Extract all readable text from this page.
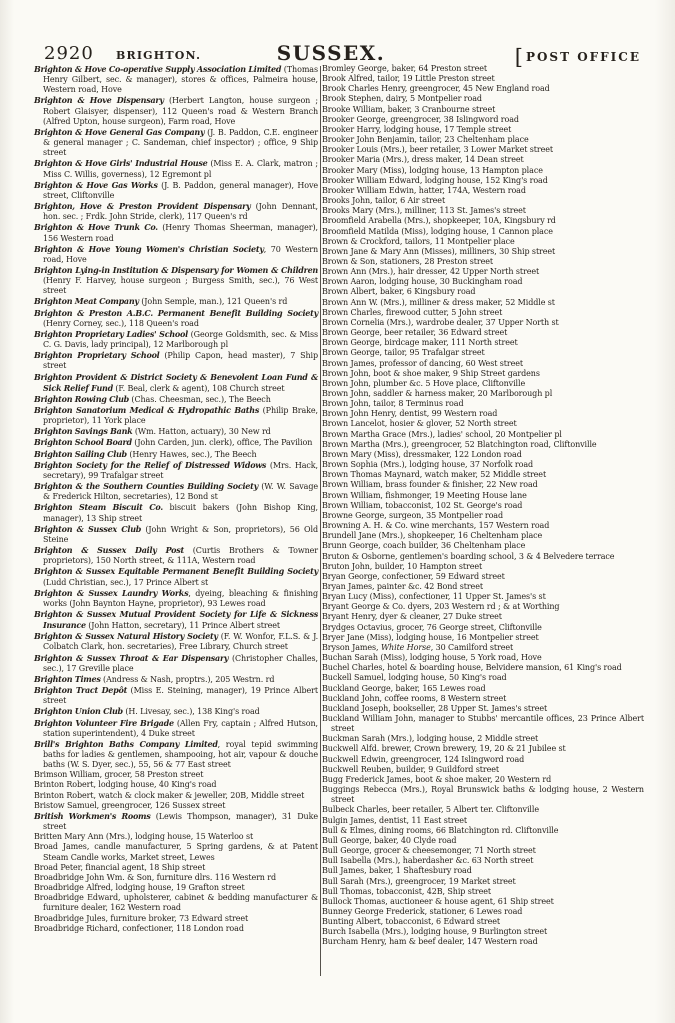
2920 BRIGHTON.	SUSSEX.	[ POST OFFICE

Brighton & Hove Co-operative Supply Association Limited (Thomas Henry Gilbert, sec. & manager), stores & offices, Palmeira house, Western road, Hove

Brighton & Hove Dispensary (Herbert Langton, house surgeon ; Robert Glaisyer, dispenser), 112 Queen's road & Western Branch (Alfred Upton, house surgeon), Farm road, Hove

Brighton & Hove General Gas Company (J. B. Paddon, C.E. engineer & general manager ; C. Sandeman, chief inspector) ; office, 9 Ship street

Brighton & Hove Girls' Industrial House (Miss E. A. Clark, matron ; Miss C. Willis, governess), 12 Egremont pl

Brighton & Hove Gas Works (J. B. Paddon, general manager), Hove street, Cliftonville

Brighton, Hove & Preston Provident Dispensary (John Dennant, hon. sec. ; Frdk. John Stride, clerk), 117 Queen's rd

Brighton & Hove Trunk Co. (Henry Thomas Sheerman, manager), 156 Western road

Brighton & Hove Young Women's Christian Society, 70 Western road, Hove

Brighton Lying-in Institution & Dispensary for Women & Children (Henry F. Harvey, house surgeon ; Burgess Smith, sec.), 76 West street

Brighton Meat Company (John Semple, man.), 121 Queen's rd

Brighton & Preston A.B.C. Permanent Benefit Building Society (Henry Corney, sec.), 118 Queen's road

Brighton Proprietary Ladies' School (George Goldsmith, sec. & Miss C. G. Davis, lady principal), 12 Marlborough pl

Brighton Proprietary School (Philip Capon, head master), 7 Ship street

Brighton Provident & District Society & Benevolent Loan Fund & Sick Relief Fund (F. Beal, clerk & agent), 108 Church street

Brighton Rowing Club (Chas. Cheesman, sec.), The Beech

Brighton Sanatorium Medical & Hydropathic Baths (Philip Brake, proprietor), 11 York place

Brighton Savings Bank (Wm. Hatton, actuary), 30 New rd

Brighton School Board (John Carden, jun. clerk), office, The Pavilion

Brighton Sailing Club (Henry Hawes, sec.), The Beech

Brighton Society for the Relief of Distressed Widows (Mrs. Hack, secretary), 99 Trafalgar street

Brighton & the Southern Counties Building Society (W. W. Savage & Frederick Hilton, secretaries), 12 Bond st

Brighton Steam Biscuit Co. biscuit bakers (John Bishop King, manager), 13 Ship street

Brighton & Sussex Club (John Wright & Son, proprietors), 56 Old Steine

Brighton & Sussex Daily Post (Curtis Brothers & Towner proprietors), 150 North street, & 111A, Western road

Brighton & Sussex Equitable Permanent Benefit Building Society (Ludd Christian, sec.), 17 Prince Albert st

Brighton & Sussex Laundry Works, dyeing, bleaching & finishing works (John Baynton Hayne, proprietor), 93 Lewes road

Brighton & Sussex Mutual Provident Society for Life & Sickness Insurance (John Hatton, secretary), 11 Prince Albert street

Brighton & Sussex Natural History Society (F. W. Wonfor, F.L.S. & J. Colbatch Clark, hon. secretaries), Free Library, Church street

Brighton & Sussex Throat & Ear Dispensary (Christopher Challes, sec.), 17 Greville place

Brighton Times (Andress & Nash, proptrs.), 205 Westrn. rd

Brighton Tract Depôt (Miss E. Steining, manager), 19 Prince Albert street

Brighton Union Club (H. Livesay, sec.), 138 King's road

Brighton Volunteer Fire Brigade (Allen Fry, captain ; Alfred Hutson, station superintendent), 4 Duke street

Brill's Brighton Baths Company Limited, royal tepid swimming baths for ladies & gentlemen, shampooing, hot air, vapour & douche baths (W. S. Dyer, sec.), 55, 56 & 77 East street

Brimson William, grocer, 58 Preston street

Brinton Robert, lodging house, 40 King's road

Brinton Robert, watch & clock maker & jeweller, 20B, Middle street

Bristow Samuel, greengrocer, 126 Sussex street

British Workmen's Rooms (Lewis Thompson, manager), 31 Duke street

Britten Mary Ann (Mrs.), lodging house, 15 Waterloo st

Broad James, candle manufacturer, 5 Spring gardens, & at Patent Steam Candle works, Market street, Lewes

Broad Peter, financial agent, 18 Ship street

Broadbridge John Wm. & Son, furniture dlrs. 116 Western rd

Broadbridge Alfred, lodging house, 19 Grafton street

Broadbridge Edward, upholsterer, cabinet & bedding manufacturer & furniture dealer, 162 Western road

Broadbridge Jules, furniture broker, 73 Edward street

Broadbridge Richard, confectioner, 118 London road

Bromley George, baker, 64 Preston street

Brook Alfred, tailor, 19 Little Preston street

Brook Charles Henry, greengrocer, 45 New England road

Brook Stephen, dairy, 5 Montpelier road

Brooke William, baker, 3 Cranbourne street

Brooker George, greengrocer, 38 Islingword road

Brooker Harry, lodging house, 17 Temple street

Brooker John Benjamin, tailor, 23 Cheltenham place

Brooker Louis (Mrs.), beer retailer, 3 Lower Market street

Brooker Maria (Mrs.), dress maker, 14 Dean street

Brooker Mary (Miss), lodging house, 13 Hampton place

Brooker William Edward, lodging house, 152 King's road

Brooker William Edwin, hatter, 174A, Western road

Brooks John, tailor, 6 Air street

Brooks Mary (Mrs.), milliner, 113 St. James's street

Broomfield Arabella (Mrs.), shopkeeper, 10A, Kingsbury rd

Broomfield Matilda (Miss), lodging house, 1 Cannon place

Brown & Crockford, tailors, 11 Montpelier place

Brown Jane & Mary Ann (Misses), milliners, 30 Ship street

Brown & Son, stationers, 28 Preston street

Brown Ann (Mrs.), hair dresser, 42 Upper North street

Brown Aaron, lodging house, 30 Buckingham road

Brown Albert, baker, 6 Kingsbury road

Brown Ann W. (Mrs.), milliner & dress maker, 52 Middle st

Brown Charles, firewood cutter, 5 John street

Brown Cornelia (Mrs.), wardrobe dealer, 37 Upper North st

Brown George, beer retailer, 36 Edward street

Brown George, birdcage maker, 111 North street

Brown George, tailor, 95 Trafalgar street

Brown James, professor of dancing, 60 West street

Brown John, boot & shoe maker, 9 Ship Street gardens

Brown John, plumber &c. 5 Hove place, Cliftonville

Brown John, saddler & harness maker, 20 Marlborough pl

Brown John, tailor, 8 Terminus road

Brown John Henry, dentist, 99 Western road

Brown Lancelot, hosier & glover, 52 North street

Brown Martha Grace (Mrs.), ladies' school, 20 Montpelier pl

Brown Martha (Mrs.), greengrocer, 52 Blatchington road, Cliftonville

Brown Mary (Miss), dressmaker, 122 London road

Brown Sophia (Mrs.), lodging house, 37 Norfolk road

Brown Thomas Maynard, watch maker, 52 Middle street

Brown William, brass founder & finisher, 22 New road

Brown William, fishmonger, 19 Meeting House lane

Brown William, tobacconist, 102 St. George's road

Browne George, surgeon, 35 Montpelier road

Browning A. H. & Co. wine merchants, 157 Western road

Brundell Jane (Mrs.), shopkeeper, 16 Cheltenham place

Brunn George, coach builder, 36 Cheltenham place

Bruton & Osborne, gentlemen's boarding school, 3 & 4 Belvedere terrace

Bruton John, builder, 10 Hampton street

Bryan George, confectioner, 59 Edward street

Bryan James, painter &c. 42 Bond street

Bryan Lucy (Miss), confectioner, 11 Upper St. James's st

Bryant George & Co. dyers, 203 Western rd ; & at Worthing

Bryant Henry, dyer & cleaner, 27 Duke street

Brydges Octavius, grocer, 76 George street, Cliftonville

Bryer Jane (Miss), lodging house, 16 Montpelier street

Bryson James, White Horse, 30 Camilford street

Buchan Sarah (Miss), lodging house, 5 York road, Hove

Buchel Charles, hotel & boarding house, Belvidere mansion, 61 King's road

Buckell Samuel, lodging house, 50 King's road

Buckland George, baker, 165 Lewes road

Buckland John, coffee rooms, 8 Western street

Buckland Joseph, bookseller, 28 Upper St. James's street

Buckland William John, manager to Stubbs' mercantile offices, 23 Prince Albert street

Buckman Sarah (Mrs.), lodging house, 2 Middle street

Buckwell Alfd. brewer, Crown brewery, 19, 20 & 21 Jubilee st

Buckwell Edwin, greengrocer, 124 Islingword road

Buckwell Reuben, builder, 9 Guildford street

Bugg Frederick James, boot & shoe maker, 20 Western rd

Buggings Rebecca (Mrs.), Royal Brunswick baths & lodging house, 2 Western street

Bulbeck Charles, beer retailer, 5 Albert ter. Cliftonville

Bulgin James, dentist, 11 East street

Bull & Elmes, dining rooms, 66 Blatchington rd. Cliftonville

Bull George, baker, 40 Clyde road

Bull George, grocer & cheesemonger, 71 North street

Bull Isabella (Mrs.), haberdasher &c. 63 North street

Bull James, baker, 1 Shaftesbury road

Bull Sarah (Mrs.), greengrocer, 19 Market street

Bull Thomas, tobacconist, 42B, Ship street

Bullock Thomas, auctioneer & house agent, 61 Ship street

Bunney George Frederick, stationer, 6 Lewes road

Bunting Albert, tobacconist, 6 Edward street

Burch Isabella (Mrs.), lodging house, 9 Burlington street

Burcham Henry, ham & beef dealer, 147 Western road
